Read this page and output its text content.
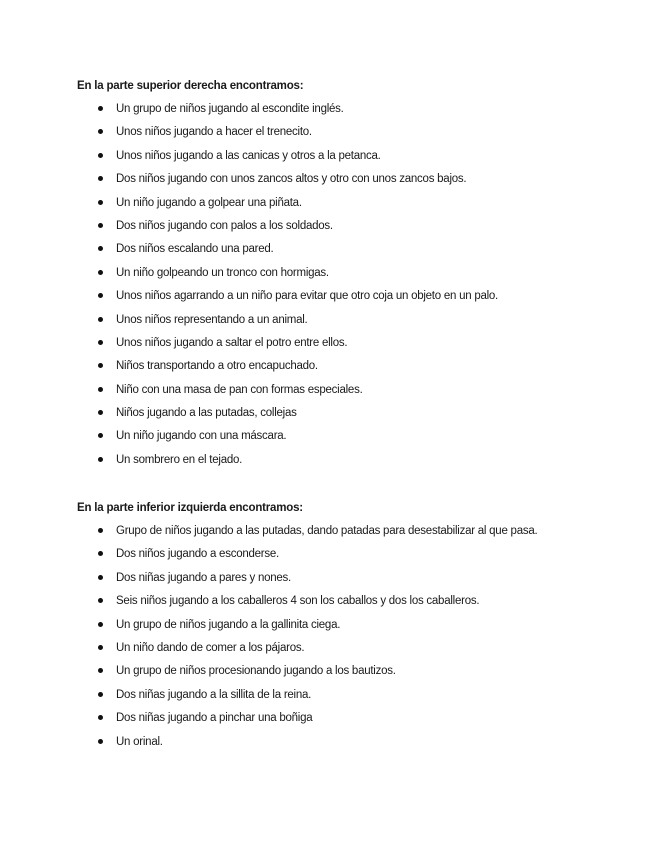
En la parte superior derecha encontramos:

Un grupo de niños jugando al escondite inglés.
Unos niños jugando a hacer el trenecito.
Unos niños jugando a las canicas y otros a la petanca.
Dos niños jugando con unos zancos altos y otro con unos zancos bajos.
Un niño jugando a golpear una piñata.
Dos niños jugando con palos a los soldados.
Dos niños escalando una pared.
Un niño golpeando un tronco con hormigas.
Unos niños agarrando a un niño para evitar que otro coja un objeto en un palo.
Unos niños representando a un animal.
Unos niños jugando a saltar el potro entre ellos.
Niños transportando a otro encapuchado.
Niño con una masa de pan con formas especiales.
Niños jugando a las putadas, collejas
Un niño jugando con una máscara.
Un sombrero en el tejado.

En la parte inferior izquierda encontramos:

Grupo de niños jugando a las putadas, dando patadas para desestabilizar al que pasa.
Dos niños jugando a esconderse.
Dos niñas jugando a pares y nones.
Seis niños jugando a los caballeros 4 son los caballos y dos los caballeros.
Un grupo de niños jugando a la gallinita ciega.
Un niño dando de comer a los pájaros.
Un grupo de niños procesionando jugando a los bautizos.
Dos niñas jugando a la sillita de la reina.
Dos niñas jugando a pinchar una boñiga
Un orinal.
